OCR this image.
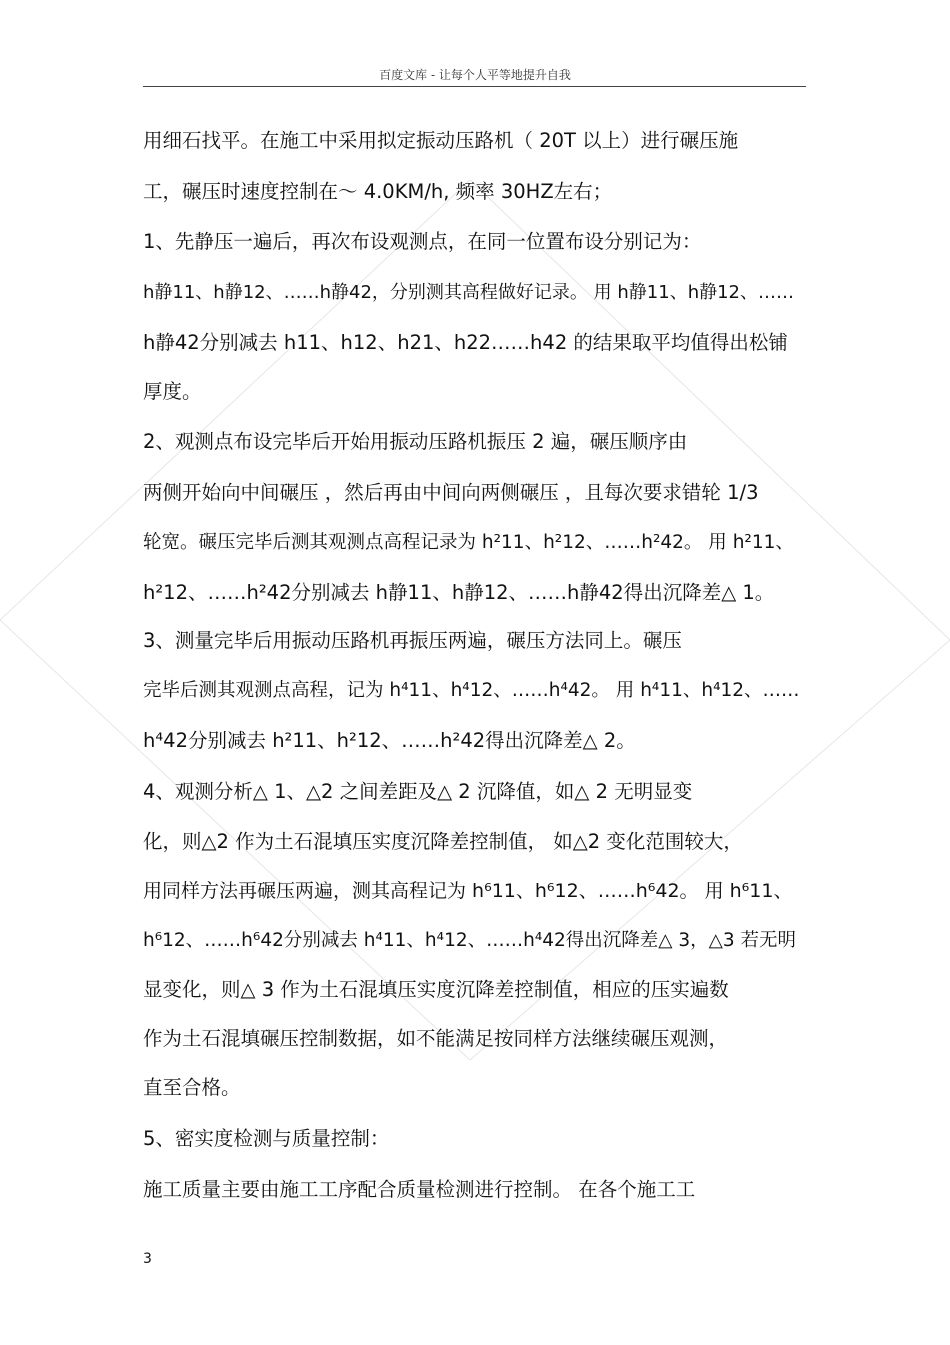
百度文库 - 让每个人平等地提升自我
用细石找平。在施工中采用拟定振动压路机（ 20T 以上）进行碾压施
工，碾压时速度控制在～ 4.0KM/h, 频率 30HZ左右；
1、先静压一遍后，再次布设观测点，在同一位置布设分别记为：
h静11、h静12、……h静42，分别测其高程做好记录。 用 h静11、h静12、……
h静42分别减去 h11、h12、h21、h22……h42 的结果取平均值得出松铺
厚度。
2、观测点布设完毕后开始用振动压路机振压 2 遍，碾压顺序由
两侧开始向中间碾压 ，然后再由中间向两侧碾压 ，且每次要求错轮 1/3
轮宽。碾压完毕后测其观测点高程记录为 h²11、h²12、……h²42。 用 h²11、
h²12、……h²42分别减去 h静11、h静12、……h静42得出沉降差△ 1。
3、测量完毕后用振动压路机再振压两遍，碾压方法同上。碾压
完毕后测其观测点高程，记为 h⁴11、h⁴12、……h⁴42。 用 h⁴11、h⁴12、……
h⁴42分别减去 h²11、h²12、……h²42得出沉降差△ 2。
4、观测分析△ 1、△2 之间差距及△ 2 沉降值，如△ 2 无明显变
化，则△2 作为土石混填压实度沉降差控制值， 如△2 变化范围较大，
用同样方法再碾压两遍，测其高程记为 h⁶11、h⁶12、……h⁶42。 用 h⁶11、
h⁶12、……h⁶42分别减去 h⁴11、h⁴12、……h⁴42得出沉降差△ 3，△3 若无明
显变化，则△ 3 作为土石混填压实度沉降差控制值，相应的压实遍数
作为土石混填碾压控制数据，如不能满足按同样方法继续碾压观测，
直至合格。
5、密实度检测与质量控制：
施工质量主要由施工工序配合质量检测进行控制。 在各个施工工
3
